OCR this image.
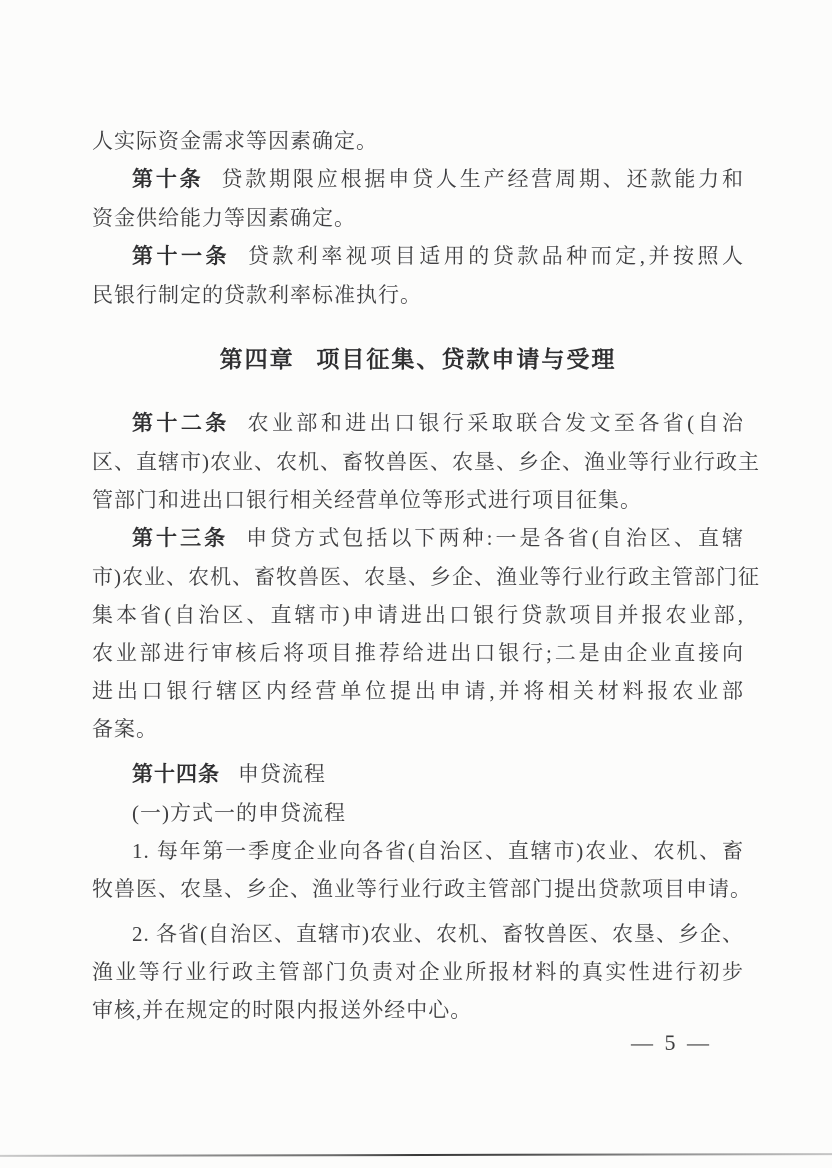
人实际资金需求等因素确定。
第十条 贷款期限应根据申贷人生产经营周期、还款能力和
资金供给能力等因素确定。
第十一条 贷款利率视项目适用的贷款品种而定,并按照人
民银行制定的贷款利率标准执行。
第四章 项目征集、贷款申请与受理
第十二条 农业部和进出口银行采取联合发文至各省(自治
区、直辖市)农业、农机、畜牧兽医、农垦、乡企、渔业等行业行政主
管部门和进出口银行相关经营单位等形式进行项目征集。
第十三条 申贷方式包括以下两种:一是各省(自治区、直辖
市)农业、农机、畜牧兽医、农垦、乡企、渔业等行业行政主管部门征
集本省(自治区、直辖市)申请进出口银行贷款项目并报农业部,
农业部进行审核后将项目推荐给进出口银行;二是由企业直接向
进出口银行辖区内经营单位提出申请,并将相关材料报农业部
备案。
第十四条 申贷流程
(一)方式一的申贷流程
1. 每年第一季度企业向各省(自治区、直辖市)农业、农机、畜
牧兽医、农垦、乡企、渔业等行业行政主管部门提出贷款项目申请。
2. 各省(自治区、直辖市)农业、农机、畜牧兽医、农垦、乡企、
渔业等行业行政主管部门负责对企业所报材料的真实性进行初步
审核,并在规定的时限内报送外经中心。
— 5 —
